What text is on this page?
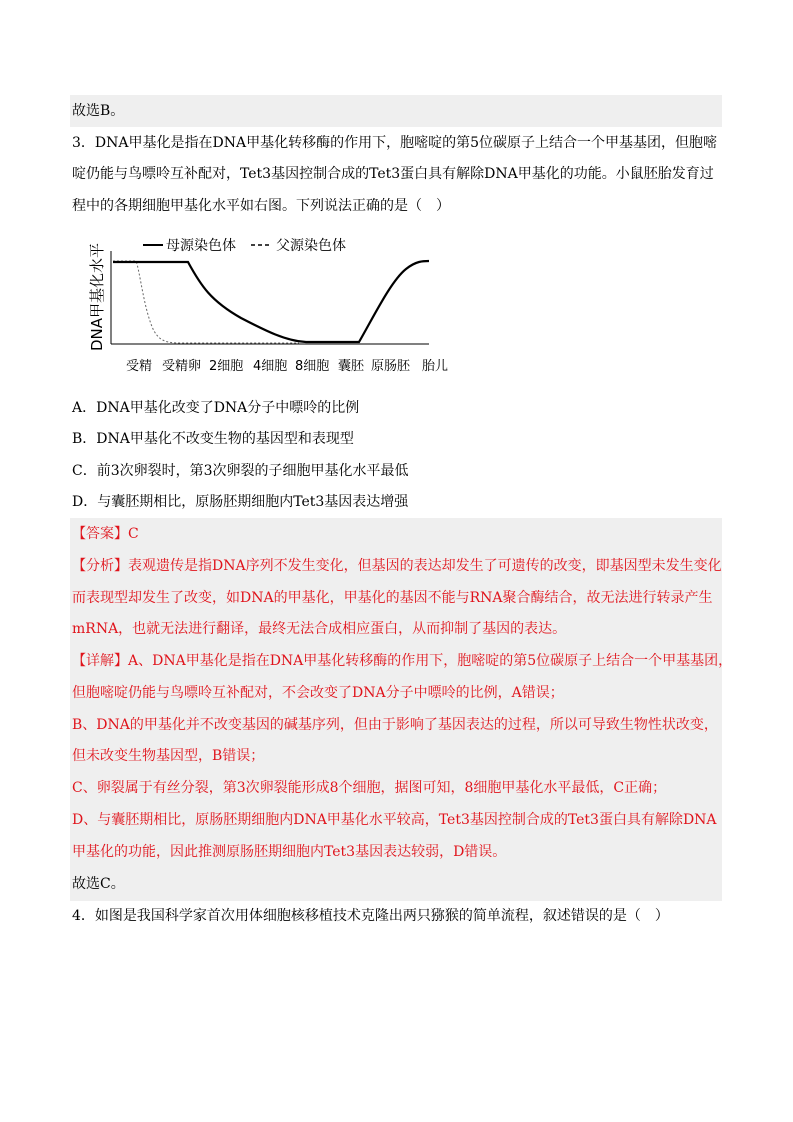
故选B。
3．DNA甲基化是指在DNA甲基化转移酶的作用下，胞嘧啶的第5位碳原子上结合一个甲基基团，但胞嘧
啶仍能与鸟嘌呤互补配对，Tet3基因控制合成的Tet3蛋白具有解除DNA甲基化的功能。小鼠胚胎发育过
程中的各期细胞甲基化水平如右图。下列说法正确的是（　）
DNA甲基化水平	母源染色体	父源染色体
受精 受精卵 2细胞 4细胞 8细胞 囊胚 原肠胚 胎儿
A．DNA甲基化改变了DNA分子中嘌呤的比例
B．DNA甲基化不改变生物的基因型和表现型
C．前3次卵裂时，第3次卵裂的子细胞甲基化水平最低
D．与囊胚期相比，原肠胚期细胞内Tet3基因表达增强
【答案】C
【分析】表观遗传是指DNA序列不发生变化，但基因的表达却发生了可遗传的改变，即基因型未发生变化
而表现型却发生了改变，如DNA的甲基化，甲基化的基因不能与RNA聚合酶结合，故无法进行转录产生
mRNA，也就无法进行翻译，最终无法合成相应蛋白，从而抑制了基因的表达。
【详解】A、DNA甲基化是指在DNA甲基化转移酶的作用下，胞嘧啶的第5位碳原子上结合一个甲基基团，
但胞嘧啶仍能与鸟嘌呤互补配对，不会改变了DNA分子中嘌呤的比例，A错误；
B、DNA的甲基化并不改变基因的碱基序列，但由于影响了基因表达的过程，所以可导致生物性状改变，
但未改变生物基因型，B错误；
C、卵裂属于有丝分裂，第3次卵裂能形成8个细胞，据图可知，8细胞甲基化水平最低，C正确；
D、与囊胚期相比，原肠胚期细胞内DNA甲基化水平较高，Tet3基因控制合成的Tet3蛋白具有解除DNA
甲基化的功能，因此推测原肠胚期细胞内Tet3基因表达较弱，D错误。
故选C。
4．如图是我国科学家首次用体细胞核移植技术克隆出两只猕猴的简单流程，叙述错误的是（　）
